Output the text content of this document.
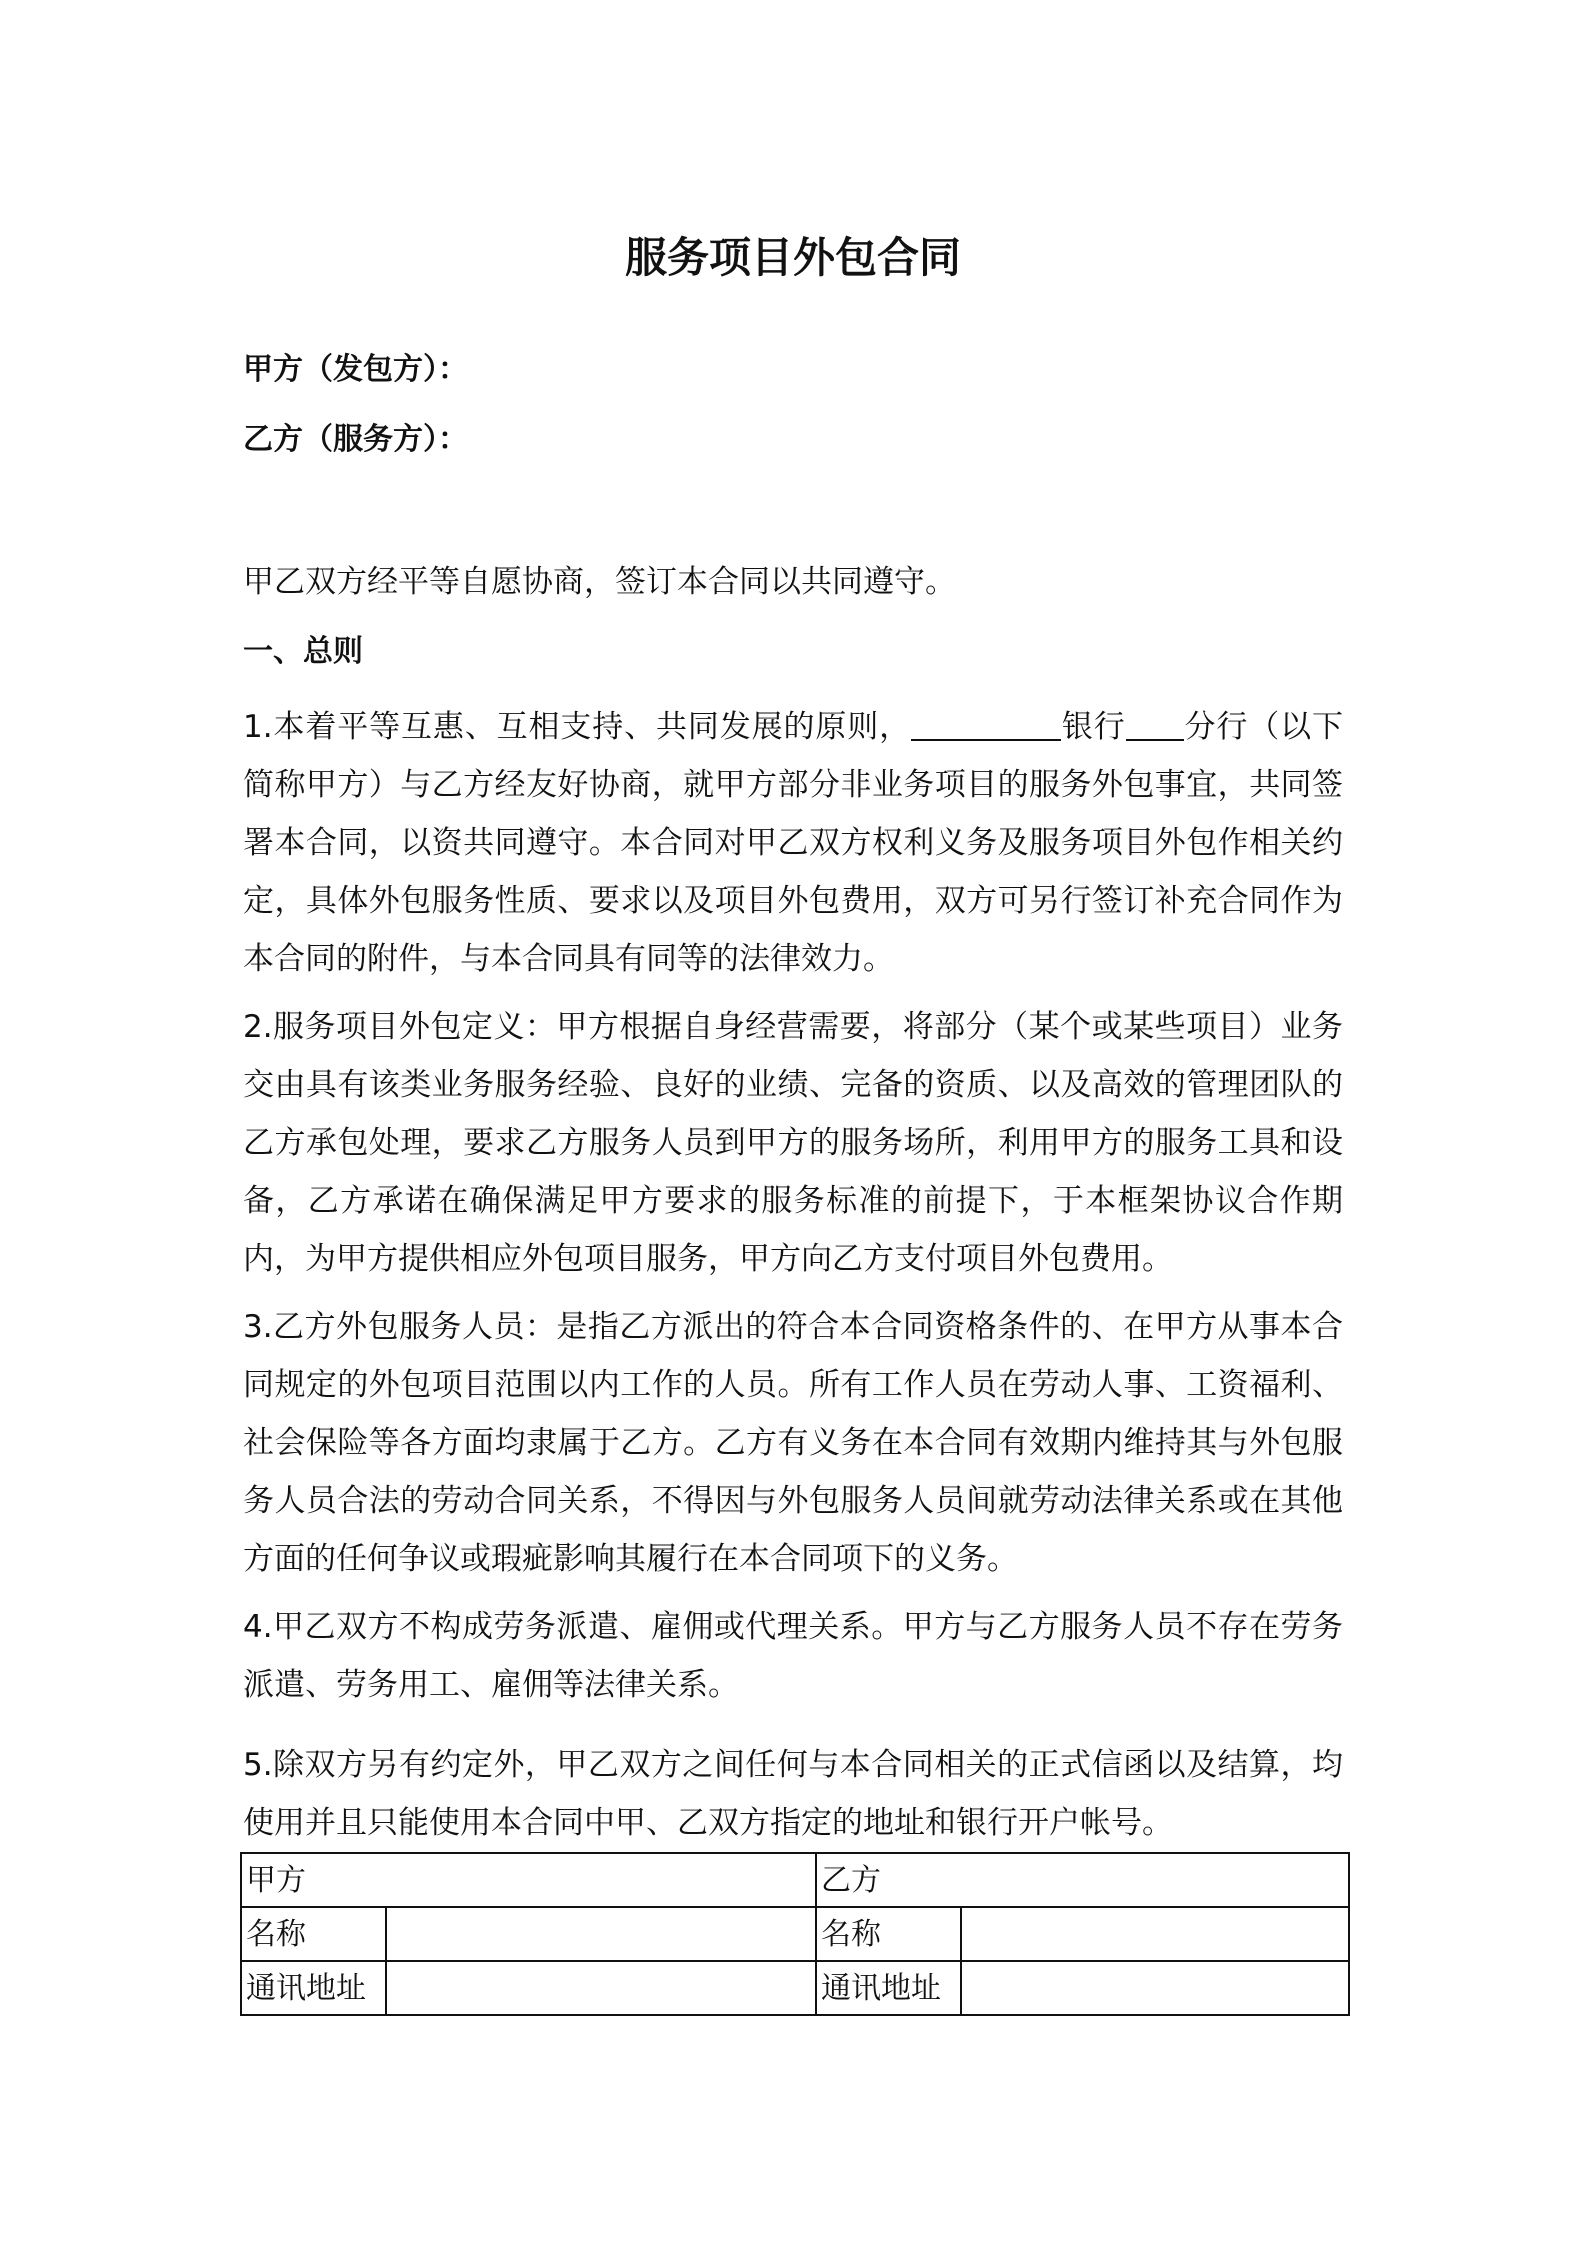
服务项目外包合同

甲方（发包方）：

乙方（服务方）：

甲乙双方经平等自愿协商，签订本合同以共同遵守。

一、总则

1.本着平等互惠、互相支持、共同发展的原则，	银行 分行（以下简称甲方）与乙方经友好协商，就甲方部分非业务项目的服务外包事宜，共同签署本合同，以资共同遵守。本合同对甲乙双方权利义务及服务项目外包作相关约定，具体外包服务性质、要求以及项目外包费用，双方可另行签订补充合同作为本合同的附件，与本合同具有同等的法律效力。

2.服务项目外包定义：甲方根据自身经营需要，将部分（某个或某些项目）业务交由具有该类业务服务经验、良好的业绩、完备的资质、以及高效的管理团队的乙方承包处理，要求乙方服务人员到甲方的服务场所，利用甲方的服务工具和设备，乙方承诺在确保满足甲方要求的服务标准的前提下，于本框架协议合作期内，为甲方提供相应外包项目服务，甲方向乙方支付项目外包费用。

3.乙方外包服务人员：是指乙方派出的符合本合同资格条件的、在甲方从事本合同规定的外包项目范围以内工作的人员。所有工作人员在劳动人事、工资福利、社会保险等各方面均隶属于乙方。乙方有义务在本合同有效期内维持其与外包服务人员合法的劳动合同关系，不得因与外包服务人员间就劳动法律关系或在其他方面的任何争议或瑕疵影响其履行在本合同项下的义务。

4.甲乙双方不构成劳务派遣、雇佣或代理关系。甲方与乙方服务人员不存在劳务派遣、劳务用工、雇佣等法律关系。

5.除双方另有约定外，甲乙双方之间任何与本合同相关的正式信函以及结算，均使用并且只能使用本合同中甲、乙双方指定的地址和银行开户帐号。

甲方		乙方	
名称		名称	
通讯地址		通讯地址	
